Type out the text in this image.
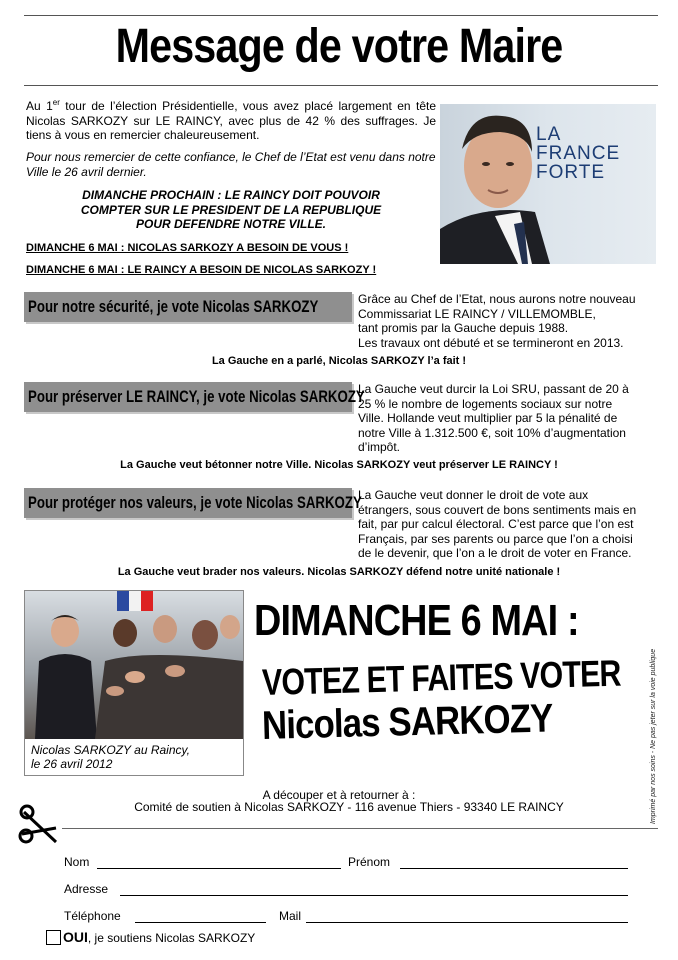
Message de votre Maire
Au 1er tour de l’élection Présidentielle, vous avez placé largement en tête Nicolas SARKOZY sur LE RAINCY, avec plus de 42 % des suffrages. Je tiens à vous en remercier chaleureusement.
Pour nous remercier de cette confiance, le Chef de l’Etat est venu dans notre Ville le 26 avril dernier.
DIMANCHE PROCHAIN : LE RAINCY DOIT POUVOIR
COMPTER SUR LE PRESIDENT DE LA REPUBLIQUE
POUR DEFENDRE NOTRE VILLE.
DIMANCHE 6 MAI : NICOLAS SARKOZY A BESOIN DE VOUS !
DIMANCHE 6 MAI : LE RAINCY A BESOIN DE NICOLAS SARKOZY !
LA
FRANCE
FORTE
Pour notre sécurité, je vote Nicolas SARKOZY	Grâce au Chef de l’Etat, nous aurons notre nouveau
Commissariat LE RAINCY / VILLEMOMBLE,
tant promis par la Gauche depuis 1988.
Les travaux ont débuté et se termineront en 2013.
La Gauche en a parlé, Nicolas SARKOZY l’a fait !
Pour préserver LE RAINCY, je vote Nicolas SARKOZY
La Gauche veut durcir la Loi SRU, passant de 20 à
25 % le nombre de logements sociaux sur notre
Ville. Hollande veut multiplier par 5 la pénalité de
notre Ville à 1.312.500 €, soit 10% d’augmentation
d’impôt.
La Gauche veut bétonner notre Ville. Nicolas SARKOZY veut préserver LE RAINCY !
Pour protéger nos valeurs, je vote Nicolas SARKOZY
La Gauche veut donner le droit de vote aux
étrangers, sous couvert de bons sentiments mais en
fait, par pur calcul électoral. C’est parce que l’on est
Français, par ses parents ou parce que l’on a choisi
de le devenir, que l’on a le droit de voter en France.
La Gauche veut brader nos valeurs. Nicolas SARKOZY défend notre unité nationale !
Nicolas SARKOZY au Raincy,
le 26 avril 2012
DIMANCHE 6 MAI :
VOTEZ ET FAITES VOTER
Nicolas SARKOZY	Imprimé par nos soins - Ne pas jeter sur la voie publique
A découper et à retourner à :
Comité de soutien à Nicolas SARKOZY - 116 avenue Thiers - 93340 LE RAINCY
Nom	Prénom
Adresse
Téléphone	Mail
OUI, je soutiens Nicolas SARKOZY
